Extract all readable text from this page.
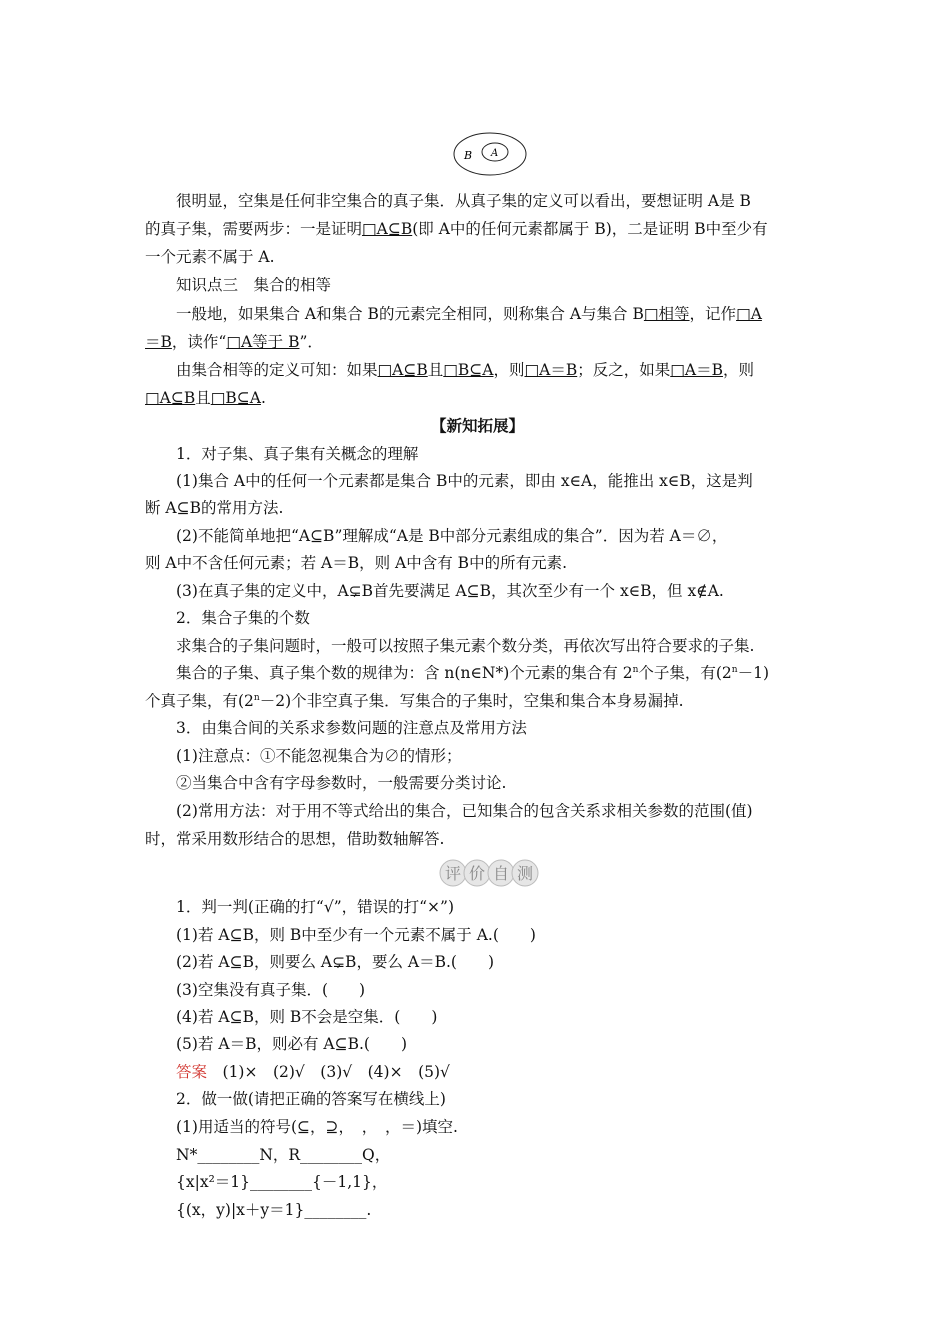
B A
很明显，空集是任何非空集合的真子集．从真子集的定义可以看出，要想证明 A是 B
的真子集，需要两步：一是证明□A⊆B(即 A中的任何元素都属于 B)，二是证明 B中至少有
一个元素不属于 A.
知识点三　集合的相等
一般地，如果集合 A和集合 B的元素完全相同，则称集合 A与集合 B□相等，记作□A
＝B，读作“□A等于 B”．
由集合相等的定义可知：如果□A⊆B且□B⊆A，则□A＝B；反之，如果□A＝B，则
□A⊆B且□B⊆A.
【新知拓展】
1．对子集、真子集有关概念的理解
(1)集合 A中的任何一个元素都是集合 B中的元素，即由 x∈A，能推出 x∈B，这是判
断 A⊆B的常用方法.
(2)不能简单地把“A⊆B”理解成“A是 B中部分元素组成的集合”．因为若 A＝∅，
则 A中不含任何元素；若 A＝B，则 A中含有 B中的所有元素.
(3)在真子集的定义中，A⊊B首先要满足 A⊆B，其次至少有一个 x∈B，但 x∉A.
2．集合子集的个数
求集合的子集问题时，一般可以按照子集元素个数分类，再依次写出符合要求的子集.
集合的子集、真子集个数的规律为：含 n(n∈N*)个元素的集合有 2$^n$个子集，有$(2^n-1)$
个真子集，有$(2^n-2)$个非空真子集．写集合的子集时，空集和集合本身易漏掉.
3．由集合间的关系求参数问题的注意点及常用方法
(1)注意点：①不能忽视集合为∅的情形；
②当集合中含有字母参数时，一般需要分类讨论.
(2)常用方法：对于用不等式给出的集合，已知集合的包含关系求相关参数的范围(值)
时，常采用数形结合的思想，借助数轴解答.
评 价 自 测
1．判一判(正确的打“√”，错误的打“×”)
(1)若 A⊆B，则 B中至少有一个元素不属于 A.(　　)
(2)若 A⊆B，则要么 A⊊B，要么 A＝B.(　　)
(3)空集没有真子集．(　　)
(4)若 A⊆B，则 B不会是空集．(　　)
(5)若 A＝B，则必有 A⊆B.(　　)
答案　(1)×　(2)√　(3)√　(4)×　(5)√
2．做一做(请把正确的答案写在横线上)
(1)用适当的符号(⊆，⊇，　，　，＝)填空.
N*________N，R________Q，
{x|x²＝1}________{－1,1}，
{(x，y)|x＋y＝1}________.
